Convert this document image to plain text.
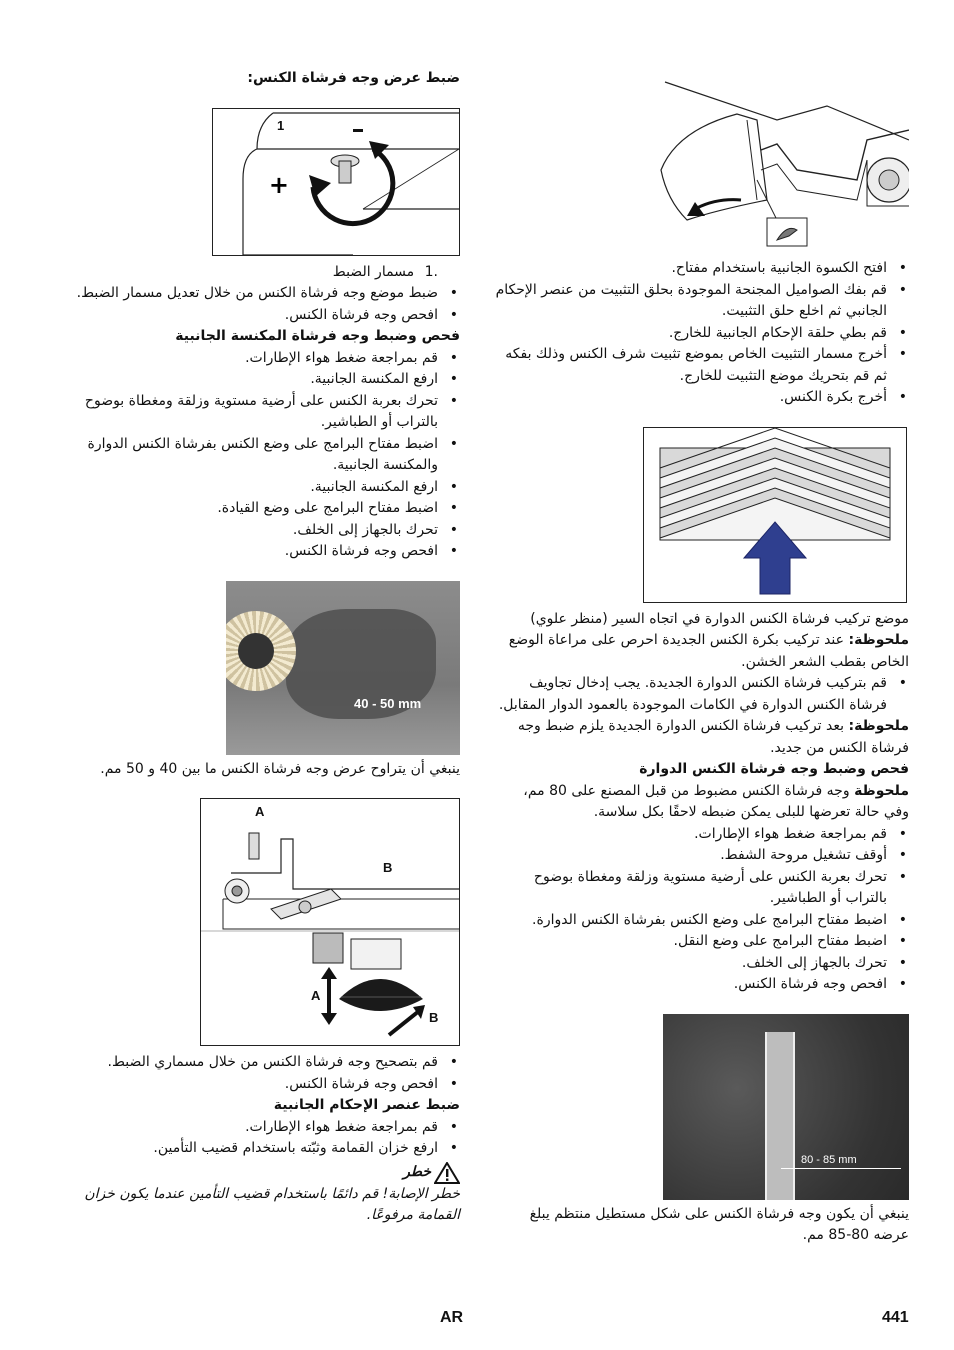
ضبط عرض وجه فرشاة الكنس:

+
1
.1 مسمار الضبط
• ضبط موضع وجه فرشاة الكنس من خلال تعديل مسمار الضبط.
• افحص وجه فرشاة الكنس.

فحص وضبط وجه فرشاة المكنسة الجانبية

• قم بمراجعة ضغط هواء الإطارات.
• ارفع المكنسة الجانبية.
• تحرك بعربة الكنس على أرضية مستوية وزلقة ومغطاة بوضوح بالتراب أو الطباشير.
• اضبط مفتاح البرامج على وضع الكنس بفرشاة الكنس الدوارة والمكنسة الجانبية.
• ارفع المكنسة الجانبية.
• اضبط مفتاح البرامج على وضع القيادة.
• تحرك بالجهاز إلى الخلف.
• افحص وجه فرشاة الكنس.
40 - 50 mm

ينبغي أن يتراوح عرض وجه فرشاة الكنس ما بين 40 و 50 مم.

A
B
A
B
• قم بتصحيح وجه فرشاة الكنس من خلال مسماري الضبط.
• افحص وجه فرشاة الكنس.

ضبط عنصر الإحكام الجانبية

• قم بمراجعة ضغط هواء الإطارات.
• ارفع خزان القمامة وثبّته باستخدام قضيب التأمين.
خطر

خطر الإصابة! قم دائمًا باستخدام قضيب التأمين عندما يكون خزان القمامة مرفوعًا.

• افتح الكسوة الجانبية باستخدام مفتاح.
• قم بفك الصواميل المجنحة الموجودة بحلق التثبيت من عنصر الإحكام الجانبي ثم اخلع حلق التثبيت.
• قم بطي حلقة الإحكام الجانبية للخارج.
• أخرج مسمار التثبيت الخاص بموضع تثبيت شرف الكنس وذلك بفكه ثم قم بتحريك موضع التثبيت للخارج.
• أخرج بكرة الكنس.

موضع تركيب فرشاة الكنس الدوارة في اتجاه السير (منظر علوي)

ملحوظة: عند تركيب بكرة الكنس الجديدة احرص على مراعاة الوضع الخاص بقطب الشعر الخشن.

• قم بتركيب فرشاة الكنس الدوارة الجديدة. يجب إدخال تجاويف فرشاة الكنس الدوارة في الكامات الموجودة بالعمود الدوار المقابل.

ملحوظة: بعد تركيب فرشاة الكنس الدوارة الجديدة يلزم ضبط وجه فرشاة الكنس من جديد.

فحص وضبط وجه فرشاة الكنس الدوارة

ملحوظة وجه فرشاة الكنس مضبوط من قبل المصنع على 80 مم، وفي حالة تعرضها للبلى يمكن ضبطه لاحقًا بكل سلاسة.

• قم بمراجعة ضغط هواء الإطارات.
• أوقف تشغيل مروحة الشفط.
• تحرك بعربة الكنس على أرضية مستوية وزلقة ومغطاة بوضوح بالتراب أو الطباشير.
• اضبط مفتاح البرامج على وضع الكنس بفرشاة الكنس الدوارة.
• اضبط مفتاح البرامج على وضع النقل.
• تحرك بالجهاز إلى الخلف.
• افحص وجه فرشاة الكنس.
80 - 85 mm

ينبغي أن يكون وجه فرشاة الكنس على شكل مستطيل منتظم يبلغ عرضه 80-85 مم.

441
AR
